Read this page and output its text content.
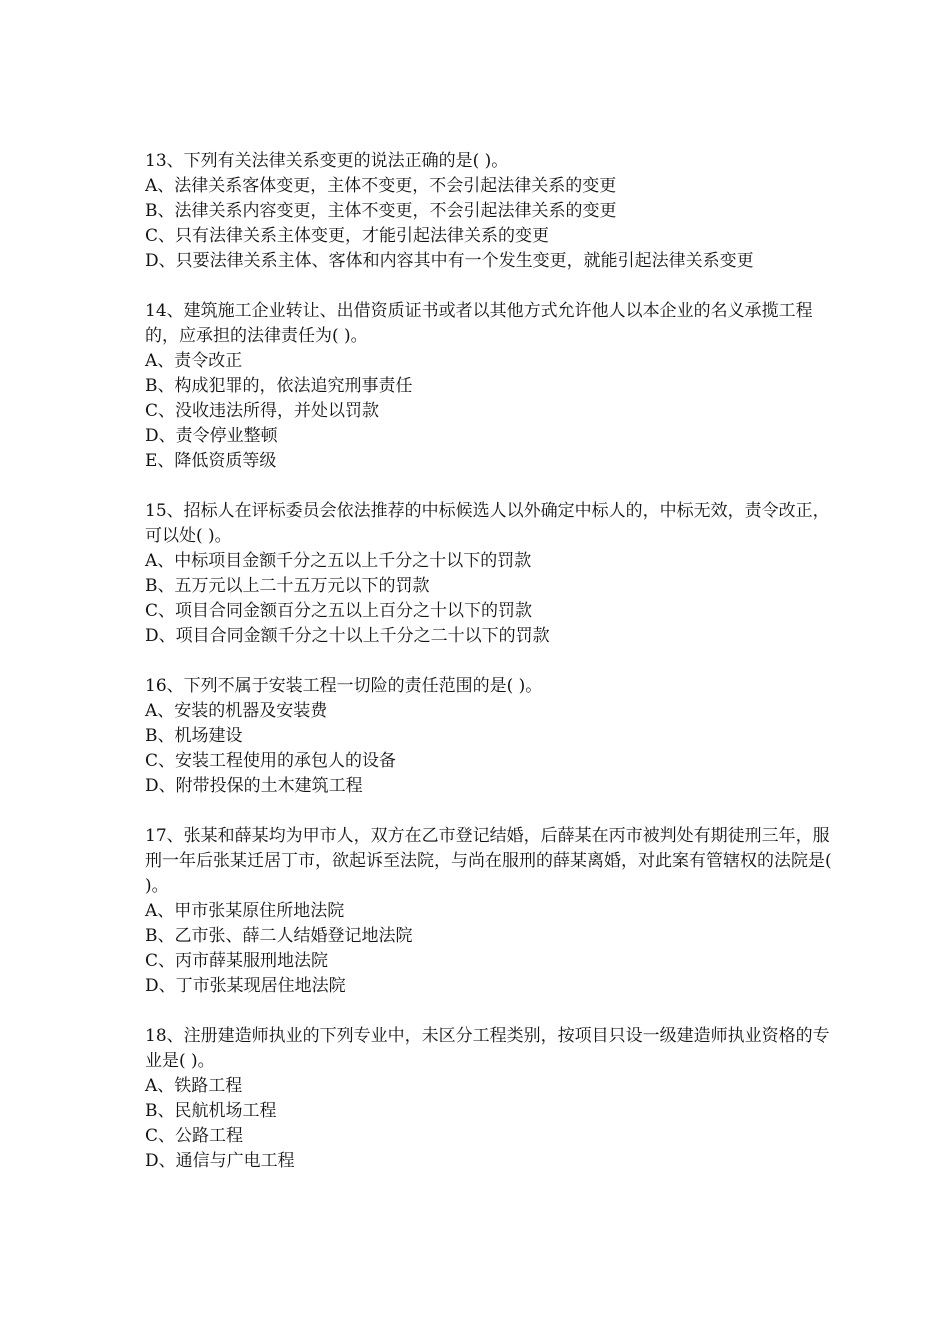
13、下列有关法律关系变更的说法正确的是( )。

A、法律关系客体变更，主体不变更，不会引起法律关系的变更

B、法律关系内容变更，主体不变更，不会引起法律关系的变更

C、只有法律关系主体变更，才能引起法律关系的变更

D、只要法律关系主体、客体和内容其中有一个发生变更，就能引起法律关系变更

14、建筑施工企业转让、出借资质证书或者以其他方式允许他人以本企业的名义承揽工程的，应承担的法律责任为( )。

A、责令改正

B、构成犯罪的，依法追究刑事责任

C、没收违法所得，并处以罚款

D、责令停业整顿

E、降低资质等级

15、招标人在评标委员会依法推荐的中标候选人以外确定中标人的，中标无效，责令改正，可以处( )。

A、中标项目金额千分之五以上千分之十以下的罚款

B、五万元以上二十五万元以下的罚款

C、项目合同金额百分之五以上百分之十以下的罚款

D、项目合同金额千分之十以上千分之二十以下的罚款

16、下列不属于安装工程一切险的责任范围的是( )。

A、安装的机器及安装费

B、机场建设

C、安装工程使用的承包人的设备

D、附带投保的土木建筑工程

17、张某和薛某均为甲市人，双方在乙市登记结婚，后薛某在丙市被判处有期徒刑三年，服刑一年后张某迁居丁市，欲起诉至法院，与尚在服刑的薛某离婚，对此案有管辖权的法院是( )。

A、甲市张某原住所地法院

B、乙市张、薛二人结婚登记地法院

C、丙市薛某服刑地法院

D、丁市张某现居住地法院

18、注册建造师执业的下列专业中，未区分工程类别，按项目只设一级建造师执业资格的专业是( )。

A、铁路工程

B、民航机场工程

C、公路工程

D、通信与广电工程
